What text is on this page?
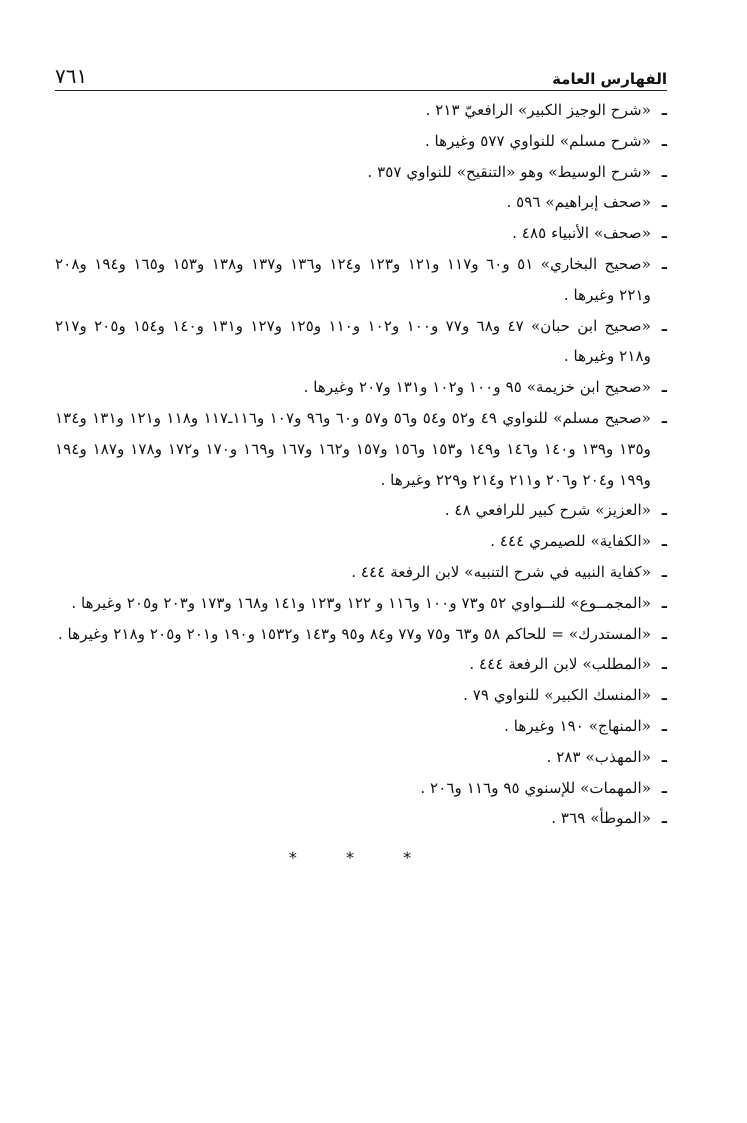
الفهارس العامة
٧٦١
ـ
«شرح الوجيز الكبير» الرافعيّ ٢١٣ .
ـ
«شرح مسلم» للنواوي ٥٧٧ وغيرها .
ـ
«شرح الوسيط» وهو «التنقيح» للنواوي ٣٥٧ .
ـ
«صحف إبراهيم» ٥٩٦ .
ـ
«صحف» الأنبياء ٤٨٥ .
ـ
«صحيح البخاري» ٥١ و٦٠ و١١٧ و١٢١ و١٢٣ و١٢٤ و١٣٦ و١٣٧ و١٣٨ و١٥٣ و١٦٥ و١٩٤ و٢٠٨ و٢٢١ وغيرها .
ـ
«صحيح ابن حبان» ٤٧ و٦٨ و٧٧ و١٠٠ و١٠٢ و١١٠ و١٢٥ و١٢٧ و١٣١ و١٤٠ و١٥٤ و٢٠٥ و٢١٧ و٢١٨ وغيرها .
ـ
«صحيح ابن خزيمة» ٩٥ و١٠٠ و١٠٢ و١٣١ و٢٠٧ وغيرها .
ـ
«صحيح مسلم» للنواوي ٤٩ و٥٢ و٥٤ و٥٦ و٥٧ و٦٠ و٩٦ و١٠٧ و١١٦ـ١١٧ و١١٨ و١٢١ و١٣١ و١٣٤ و١٣٥ و١٣٩ و١٤٠ و١٤٦ و١٤٩ و١٥٣ و١٥٦ و١٥٧ و١٦٢ و١٦٧ و١٦٩ و١٧٠ و١٧٢ و١٧٨ و١٨٧ و١٩٤ و١٩٩ و٢٠٤ و٢٠٦ و٢١١ و٢١٤ و٢٢٩ وغيرها .
ـ
«العزيز» شرح كبير للرافعي ٤٨ .
ـ
«الكفاية» للصيمري ٤٤٤ .
ـ
«كفاية النبيه في شرح التنبيه» لابن الرفعة ٤٤٤ .
ـ
«المجمــوع» للنــواوي ٥٢ و٧٣ و١٠٠ و١١٦ و ١٢٢ و١٢٣ و١٤١ و١٦٨ و١٧٣ و٢٠٣ و٢٠٥ وغيرها .
ـ
«المستدرك» = للحاكم ٥٨ و٦٣ و٧٥ و٧٧ و٨٤ و٩٥ و١٤٣ و١٥٣٢ و١٩٠ و٢٠١ و٢٠٥ و٢١٨ وغيرها .
ـ
«المطلب» لابن الرفعة ٤٤٤ .
ـ
«المنسك الكبير» للنواوي ٧٩ .
ـ
«المنهاج» ١٩٠ وغيرها .
ـ
«المهذب» ٢٨٣ .
ـ
«المهمات» للإسنوي ٩٥ و١١٦ و٢٠٦ .
ـ
«الموطأ» ٣٦٩ .
* * *
